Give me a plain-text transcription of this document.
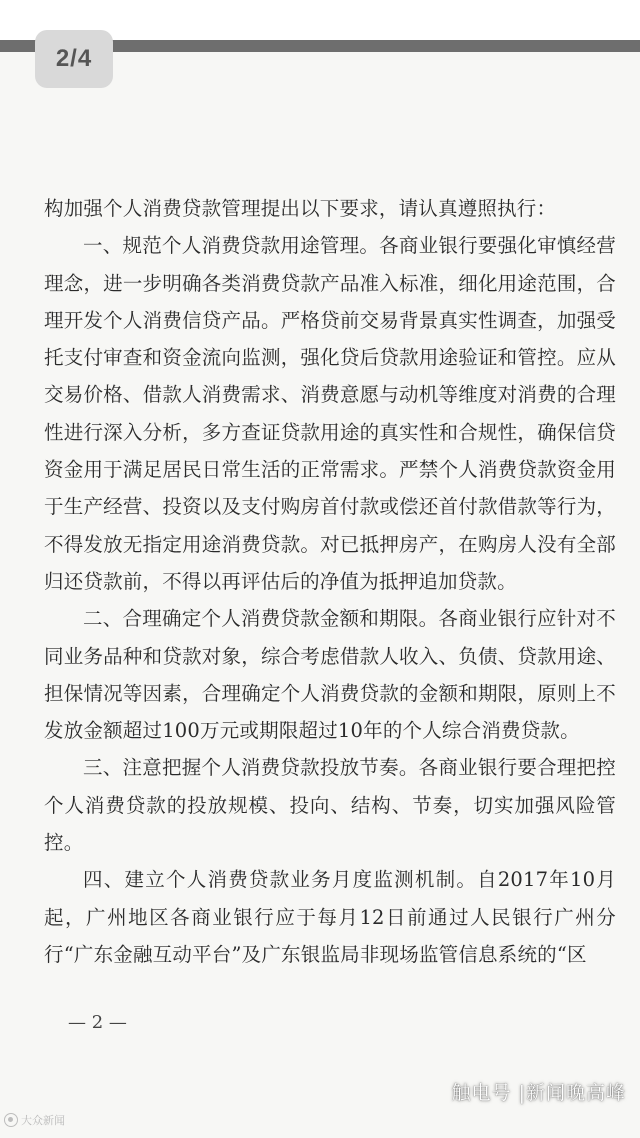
2/4

构加强个人消费贷款管理提出以下要求，请认真遵照执行：

一、规范个人消费贷款用途管理。各商业银行要强化审慎经营理念，进一步明确各类消费贷款产品准入标准，细化用途范围，合理开发个人消费信贷产品。严格贷前交易背景真实性调查，加强受托支付审查和资金流向监测，强化贷后贷款用途验证和管控。应从交易价格、借款人消费需求、消费意愿与动机等维度对消费的合理性进行深入分析，多方查证贷款用途的真实性和合规性，确保信贷资金用于满足居民日常生活的正常需求。严禁个人消费贷款资金用于生产经营、投资以及支付购房首付款或偿还首付款借款等行为，不得发放无指定用途消费贷款。对已抵押房产，在购房人没有全部归还贷款前，不得以再评估后的净值为抵押追加贷款。

二、合理确定个人消费贷款金额和期限。各商业银行应针对不同业务品种和贷款对象，综合考虑借款人收入、负债、贷款用途、担保情况等因素，合理确定个人消费贷款的金额和期限，原则上不发放金额超过100万元或期限超过10年的个人综合消费贷款。

三、注意把握个人消费贷款投放节奏。各商业银行要合理把控个人消费贷款的投放规模、投向、结构、节奏，切实加强风险管控。

四、建立个人消费贷款业务月度监测机制。自2017年10月起，广州地区各商业银行应于每月12日前通过人民银行广州分行“广东金融互动平台”及广东银监局非现场监管信息系统的“区

— 2 —
大众新闻
触电号 |新闻晚高峰
